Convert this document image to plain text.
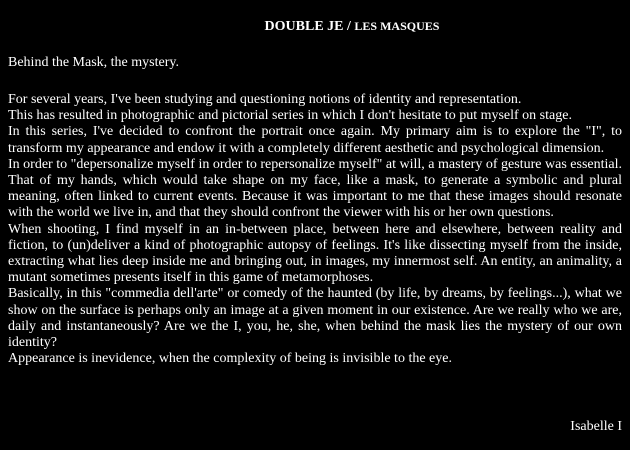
DOUBLE JE / LES MASQUES

Behind the Mask, the mystery.

For several years, I've been studying and questioning notions of identity and representation.

This has resulted in photographic and pictorial series in which I don't hesitate to put myself on stage.

In this series, I've decided to confront the portrait once again. My primary aim is to explore the "I", to transform my appearance and endow it with a completely different aesthetic and psychological dimension.

In order to "depersonalize myself in order to repersonalize myself" at will, a mastery of gesture was essential. That of my hands, which would take shape on my face, like a mask, to generate a symbolic and plural meaning, often linked to current events. Because it was important to me that these images should resonate with the world we live in, and that they should confront the viewer with his or her own questions.

When shooting, I find myself in an in-between place, between here and elsewhere, between reality and fiction, to (un)deliver a kind of photographic autopsy of feelings. It's like dissecting myself from the inside, extracting what lies deep inside me and bringing out, in images, my innermost self. An entity, an animality, a mutant sometimes presents itself in this game of metamorphoses.

Basically, in this "commedia dell'arte" or comedy of the haunted (by life, by dreams, by feelings...), what we show on the surface is perhaps only an image at a given moment in our existence. Are we really who we are, daily and instantaneously? Are we the I, you, he, she, when behind the mask lies the mystery of our own identity?

Appearance is inevidence, when the complexity of being is invisible to the eye.

Isabelle I
